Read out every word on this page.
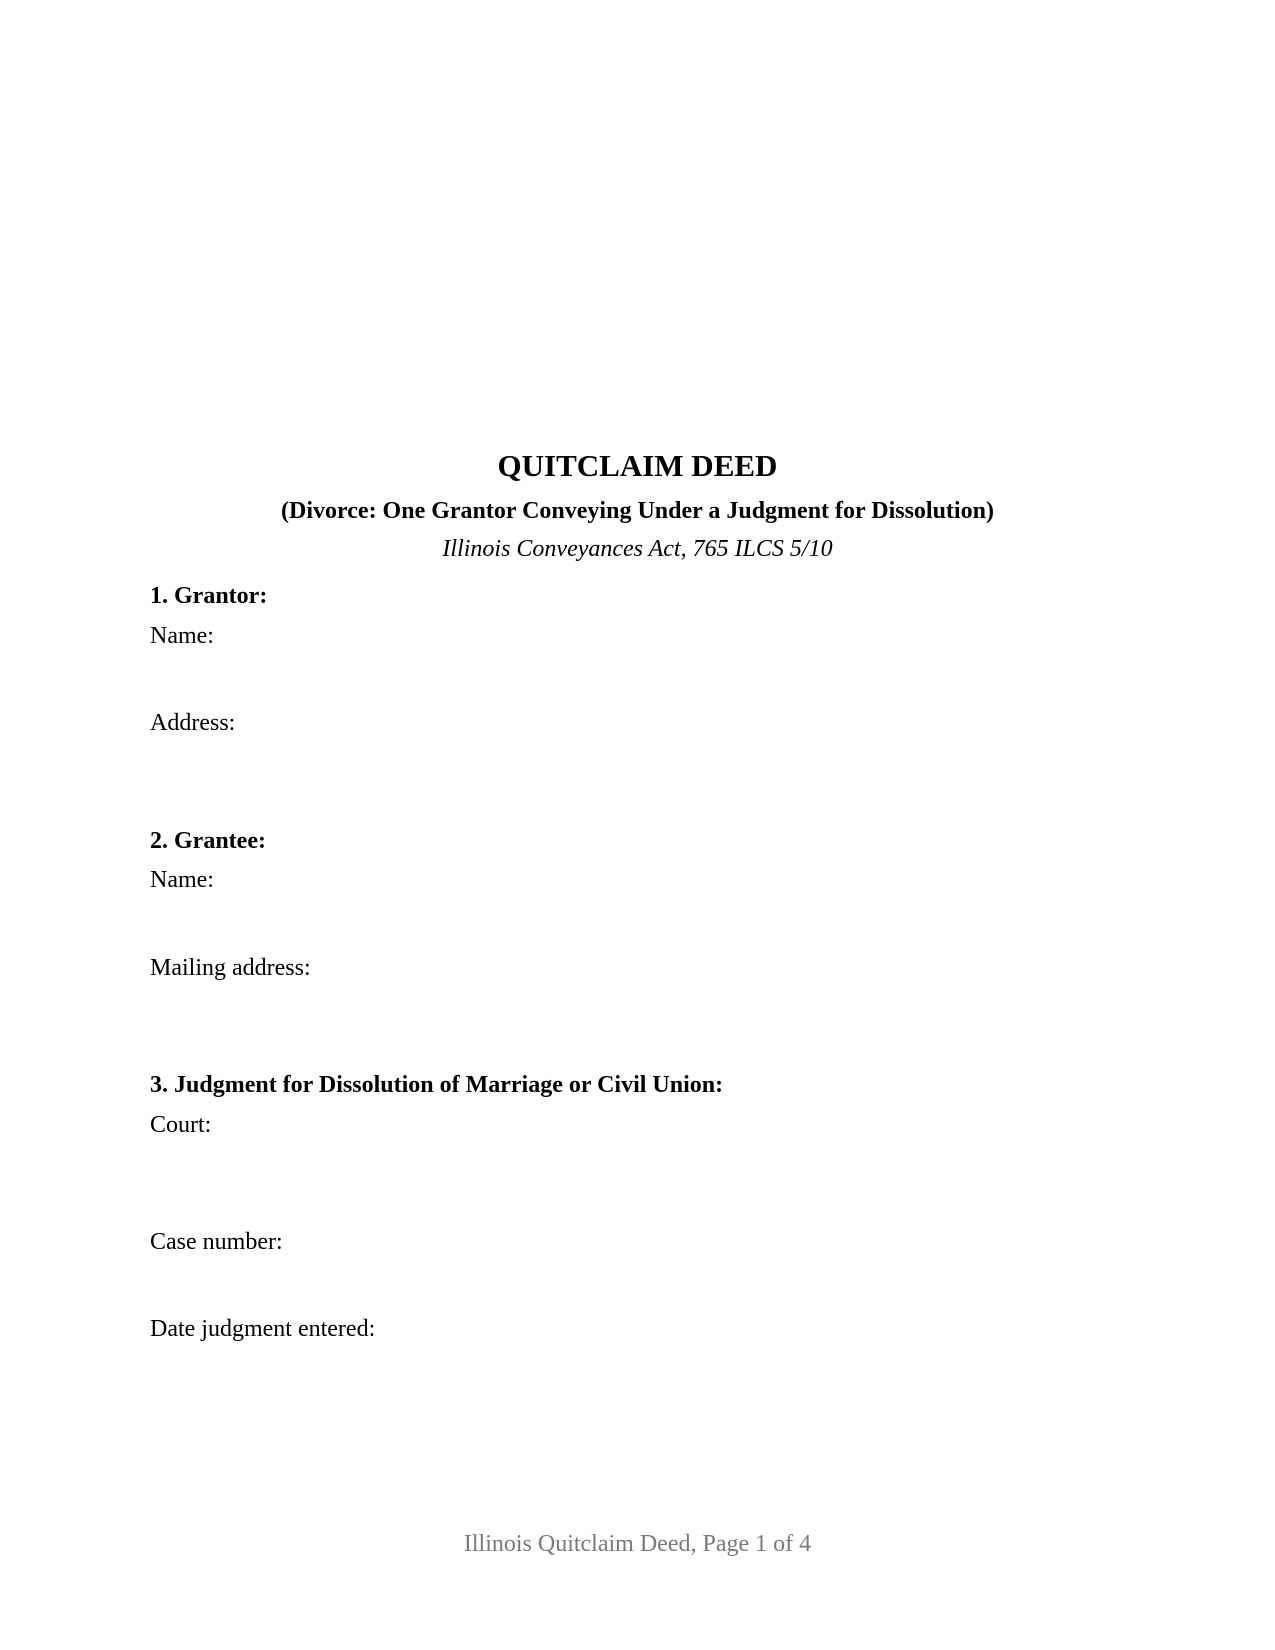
QUITCLAIM DEED
(Divorce: One Grantor Conveying Under a Judgment for Dissolution)
Illinois Conveyances Act, 765 ILCS 5/10
1. Grantor:
Name:
Address:
2. Grantee:
Name:
Mailing address:
3. Judgment for Dissolution of Marriage or Civil Union:
Court:
Case number:
Date judgment entered:
Illinois Quitclaim Deed, Page 1 of 4
